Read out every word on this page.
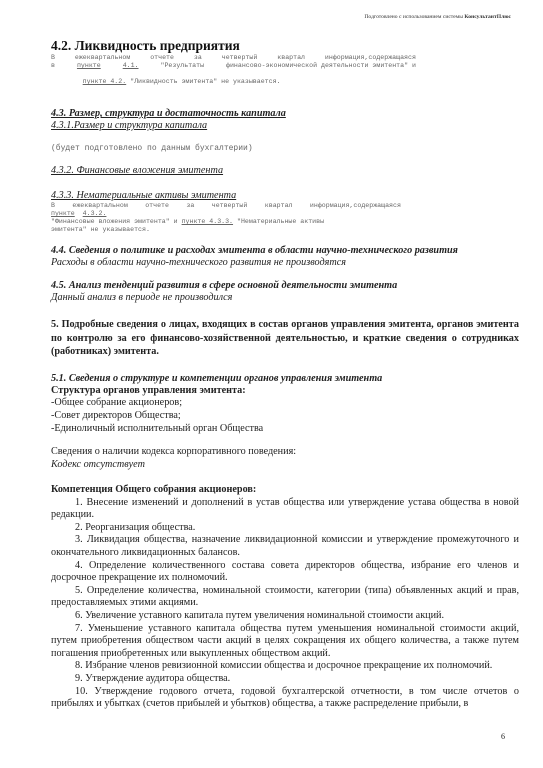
Подготовлено с использованием системы КонсультантПлюс
4.2. Ликвидность предприятия
В	ежеквартальном	отчете	за	четвертый	квартал	информация,содержащаяся
в	пункте	4.1.	"Результаты	финансово-экономической деятельности эмитента" и

пункте 4.2. "Ликвидность эмитента" не указывается.

4.3. Размер, структура и достаточность капитала
4.3.1.Размер и структура капитала
(будет подготовлено по данным бухгалтерии)
4.3.2. Финансовые вложения эмитента
4.3.3. Нематериальные активы эмитента
В	ежеквартальном	отчете	за	четвертый	квартал	информация,содержащаяся
пункте 4.3.2.
"Финансовые вложения эмитента" и пункте 4.3.3. "Нематериальные активы
эмитента" не указывается.
4.4. Сведения о политике и расходах эмитента в области научно-технического развития
Расходы в области научно-технического развития не производятся
4.5. Анализ тенденций развития в сфере основной деятельности эмитента
Данный анализ в периоде не производился
5. Подробные сведения о лицах, входящих в состав органов управления эмитента, органов эмитента по контролю за его финансово-хозяйственной деятельностью, и краткие сведения о сотрудниках (работниках) эмитента.
5.1. Сведения о структуре и компетенции органов управления эмитента
Структура органов управления эмитента:
-Общее собрание акционеров;
-Совет директоров Общества;
-Единоличный исполнительный орган Общества
Сведения о наличии кодекса корпоративного поведения:
Кодекс отсутствует
Компетенция Общего собрания акционеров:
1. Внесение изменений и дополнений в устав общества или утверждение устава общества в новой редакции.
2. Реорганизация общества.
3. Ликвидация общества, назначение ликвидационной комиссии и утверждение промежуточного и окончательного ликвидационных балансов.
4. Определение количественного состава совета директоров общества, избрание его членов и досрочное прекращение их полномочий.
5. Определение количества, номинальной стоимости, категории (типа) объявленных акций и прав, предоставляемых этими акциями.
6. Увеличение уставного капитала путем увеличения номинальной стоимости акций.
7. Уменьшение уставного капитала общества путем уменьшения номинальной стоимости акций, путем приобретения обществом части акций в целях сокращения их общего количества, а также путем погашения приобретенных или выкупленных обществом акций.
8. Избрание членов ревизионной комиссии общества и досрочное прекращение их полномочий.
9. Утверждение аудитора общества.
10. Утверждение годового отчета, годовой бухгалтерской отчетности, в том числе отчетов о прибылях и убытках (счетов прибылей и убытков) общества, а также распределение прибыли, в
6
